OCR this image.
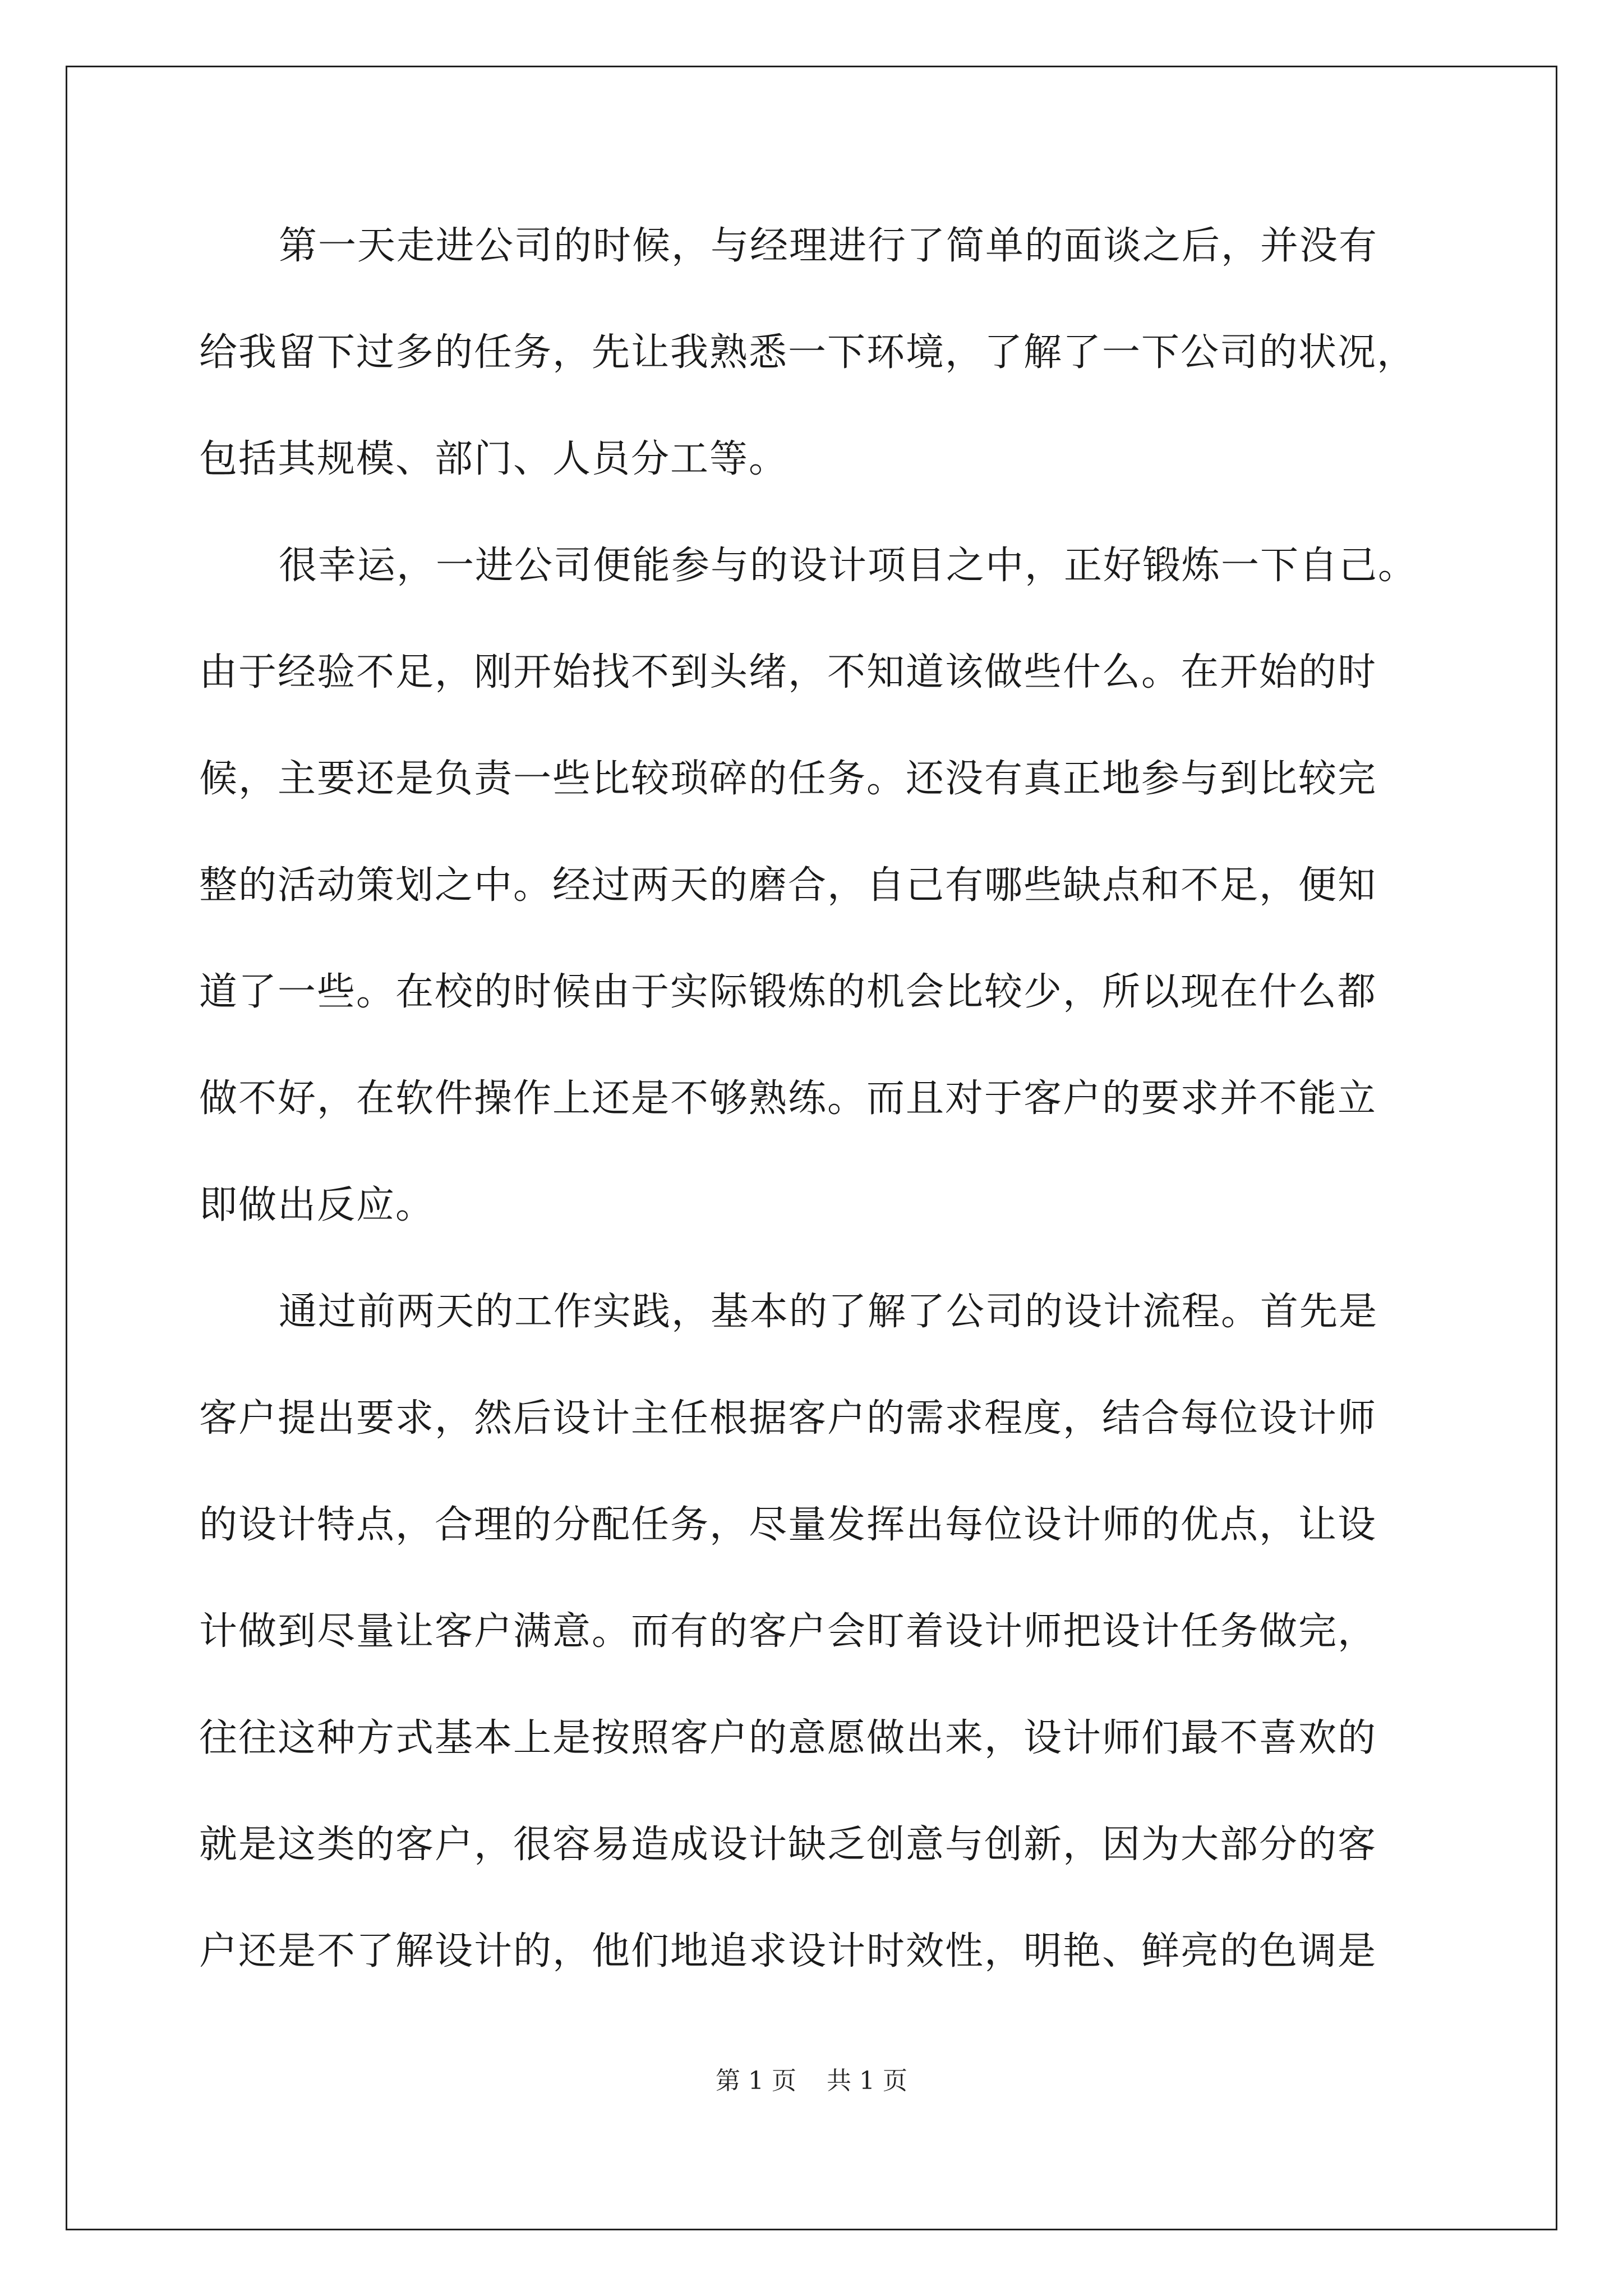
第一天走进公司的时候，与经理进行了简单的面谈之后，并没有
给我留下过多的任务，先让我熟悉一下环境，了解了一下公司的状况，
包括其规模、部门、人员分工等。
很幸运，一进公司便能参与的设计项目之中，正好锻炼一下自己。
由于经验不足，刚开始找不到头绪，不知道该做些什么。在开始的时
候，主要还是负责一些比较琐碎的任务。还没有真正地参与到比较完
整的活动策划之中。经过两天的磨合，自己有哪些缺点和不足，便知
道了一些。在校的时候由于实际锻炼的机会比较少，所以现在什么都
做不好，在软件操作上还是不够熟练。而且对于客户的要求并不能立
即做出反应。
通过前两天的工作实践，基本的了解了公司的设计流程。首先是
客户提出要求，然后设计主任根据客户的需求程度，结合每位设计师
的设计特点，合理的分配任务，尽量发挥出每位设计师的优点，让设
计做到尽量让客户满意。而有的客户会盯着设计师把设计任务做完，
往往这种方式基本上是按照客户的意愿做出来，设计师们最不喜欢的
就是这类的客户，很容易造成设计缺乏创意与创新，因为大部分的客
户还是不了解设计的，他们地追求设计时效性，明艳、鲜亮的色调是
第 1 页 共 1 页
